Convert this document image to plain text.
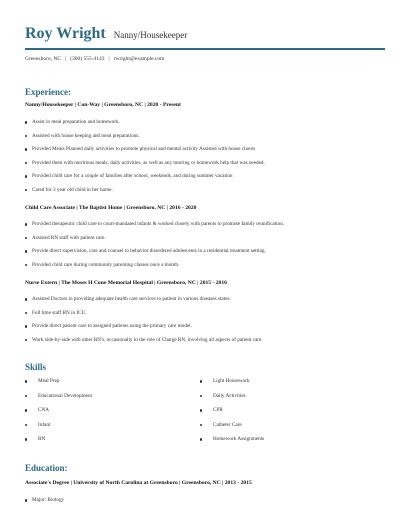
Roy Wright Nanny/Housekeeper
Greensboro, NC | (300) 555-4143 | rwright@example.com
Experience:
Nanny/Housekeeper | Con-Way | Greensboro, NC | 2020 - Present
Assist in meal preparation and homework.
Assisted with house keeping and meal preparations.
Provided Meals Planned daily activities to promote physical and mental activity Assisted with house chores
Provided them with nutritious meals, daily activities, as well as any tutoring or homework help that was needed.
Provided child care for a couple of families after school, weekends, and during summer vacation
Cared for 3 year old child in her home.
Child Care Associate | The Baptist Home | Greensboro, NC | 2016 - 2020
Provided therapeutic child care to court-mandated infants & worked closely with parents to promote family reunification.
Assisted RN staff with patient care.
Provide direct supervision, care and counsel to behavior disordered adolescents in a residential treatment setting.
Provided child care during community parenting classes once a month.
Nurse Extern | The Moses H Cone Memorial Hospital | Greensboro, NC | 2015 - 2016
Assisted Doctors in providing adequate health care services to patient in various diseases states.
Full time staff RN in ICU.
Provide direct patient care to assigned patients using the primary care model.
Work side-by-side with other RN's, occasionally in the role of Charge RN, involving all aspects of patient care.
Skills
Meal Prep
Educational Development
CNA
Infant
RN
Light Housework
Daily Activities
CPR
Catheter Care
Homework Assignments
Education:
Associate's Degree | University of North Carolina at Greensboro | Greensboro, NC | 2013 - 2015
Major: Biology
